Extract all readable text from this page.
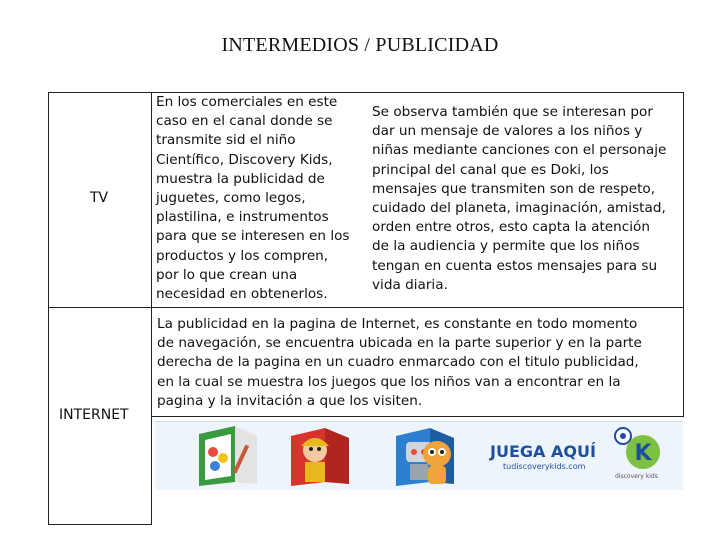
INTERMEDIOS / PUBLICIDAD
TV
En los comerciales en este
caso en el canal donde se
transmite sid el niño
Científico, Discovery Kids,
muestra la publicidad de
juguetes, como legos,
plastilina, e instrumentos
para que se interesen en los
productos y los compren,
por lo que crean una
necesidad en obtenerlos.
Se observa también que se interesan por
dar un mensaje de valores a los niños y
niñas mediante canciones con el personaje
principal del canal que es Doki, los
mensajes que transmiten son de respeto,
cuidado del planeta, imaginación, amistad,
orden entre otros, esto capta la atención
de la audiencia y permite que los niños
tengan en cuenta estos mensajes para su
vida diaria.
INTERNET
La publicidad en la pagina de Internet, es constante en todo momento
de navegación, se encuentra ubicada en la parte superior y en la parte
derecha de la pagina en un cuadro enmarcado con el titulo publicidad,
en la cual se muestra los juegos que los niños van a encontrar en la
pagina y la invitación a que los visiten.
JUEGA AQUÍ
tudiscoverykids.com
K
discovery kids
